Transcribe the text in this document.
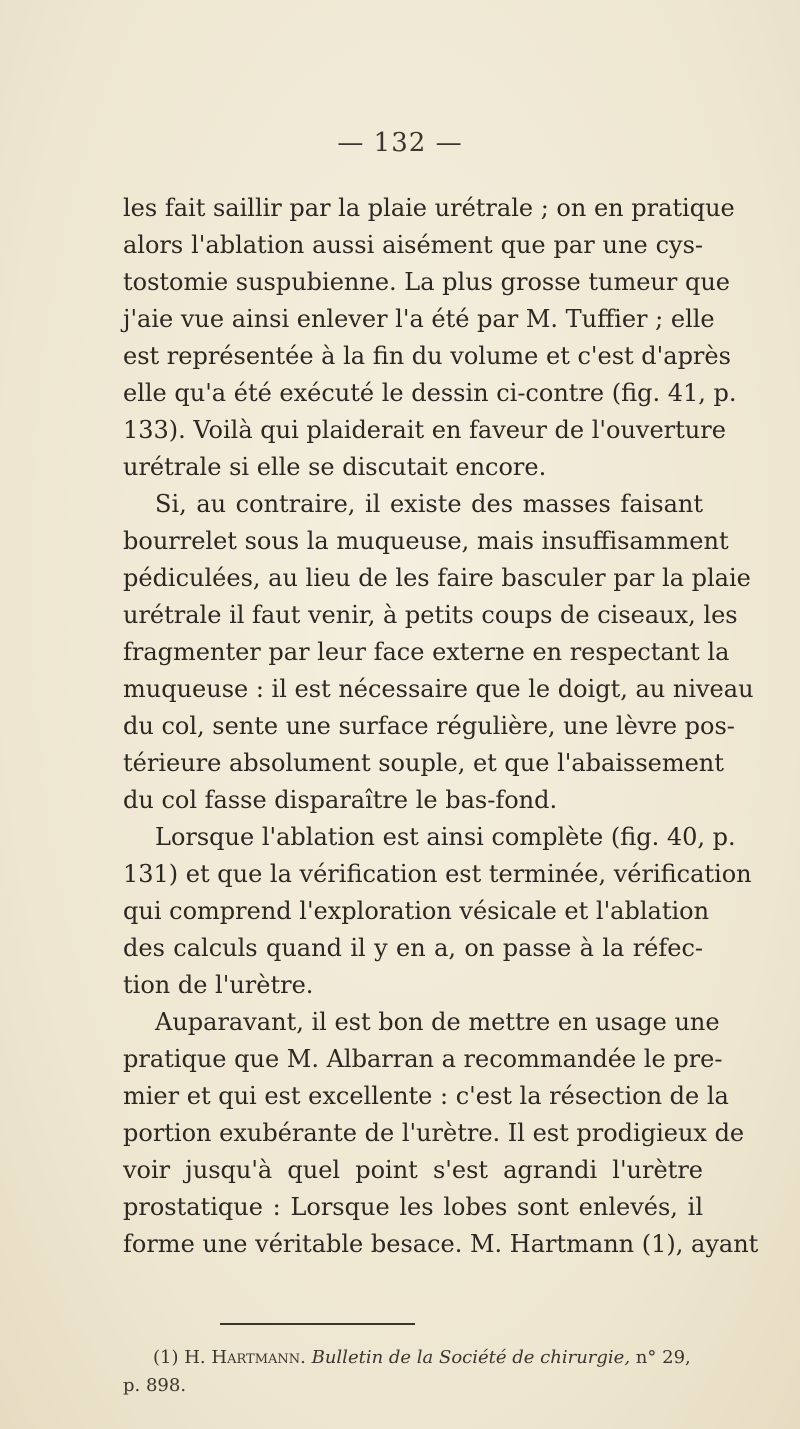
— 132 —
les fait saillir par la plaie urétrale ; on en pratique
alors l'ablation aussi aisément que par une cys-
tostomie suspubienne. La plus grosse tumeur que
j'aie vue ainsi enlever l'a été par M. Tuffier ; elle
est représentée à la fin du volume et c'est d'après
elle qu'a été exécuté le dessin ci-contre (fig. 41, p.
133). Voilà qui plaiderait en faveur de l'ouverture
urétrale si elle se discutait encore.
Si, au contraire, il existe des masses faisant
bourrelet sous la muqueuse, mais insuffisamment
pédiculées, au lieu de les faire basculer par la plaie
urétrale il faut venir, à petits coups de ciseaux, les
fragmenter par leur face externe en respectant la
muqueuse : il est nécessaire que le doigt, au niveau
du col, sente une surface régulière, une lèvre pos-
térieure absolument souple, et que l'abaissement
du col fasse disparaître le bas-fond.
Lorsque l'ablation est ainsi complète (fig. 40, p.
131) et que la vérification est terminée, vérification
qui comprend l'exploration vésicale et l'ablation
des calculs quand il y en a, on passe à la réfec-
tion de l'urètre.
Auparavant, il est bon de mettre en usage une
pratique que M. Albarran a recommandée le pre-
mier et qui est excellente : c'est la résection de la
portion exubérante de l'urètre. Il est prodigieux de
voir jusqu'à quel point s'est agrandi l'urètre
prostatique : Lorsque les lobes sont enlevés, il
forme une véritable besace. M. Hartmann (1), ayant
(1) H. Hartmann. Bulletin de la Société de chirurgie, n° 29,
p. 898.
